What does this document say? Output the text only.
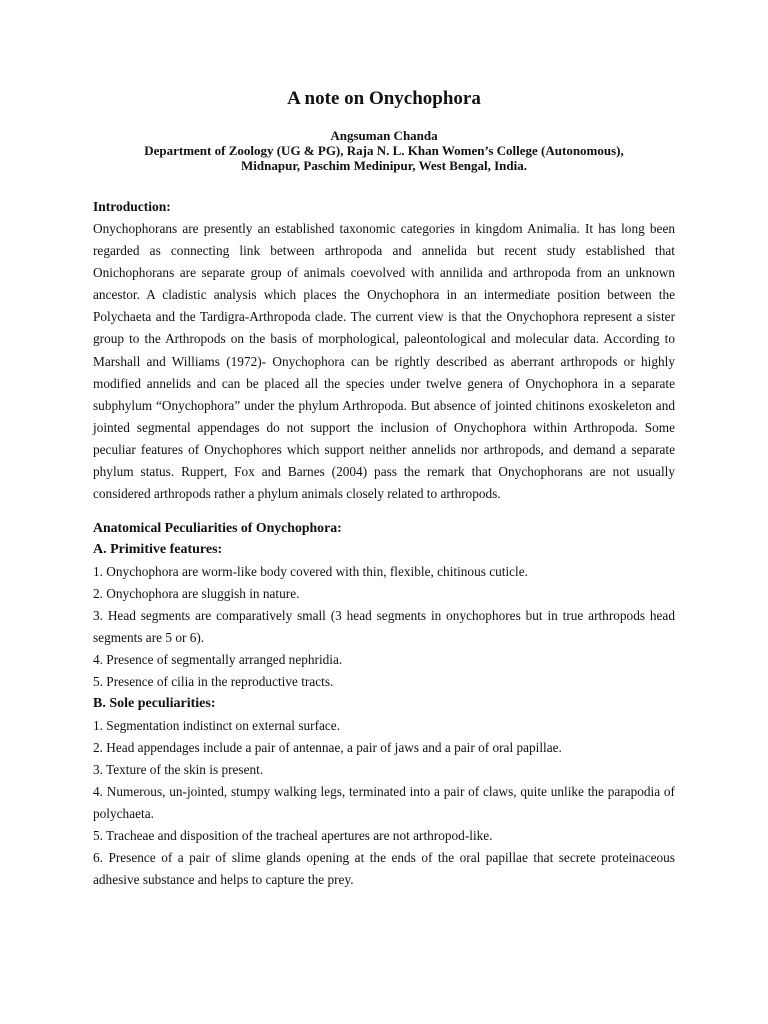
A note on Onychophora
Angsuman Chanda
Department of Zoology (UG & PG), Raja N. L. Khan Women’s College (Autonomous),
Midnapur, Paschim Medinipur, West Bengal, India.

Introduction:

Onychophorans are presently an established taxonomic categories in kingdom Animalia. It has long been regarded as connecting link between arthropoda and annelida but recent study established that Onichophorans are separate group of animals coevolved with annilida and arthropoda from an unknown ancestor. A cladistic analysis which places the Onychophora in an intermediate position between the Polychaeta and the Tardigra-Arthropoda clade. The current view is that the Onychophora represent a sister group to the Arthropods on the basis of morphological, paleontological and molecular data. According to Marshall and Williams (1972)- Onychophora can be rightly described as aberrant arthropods or highly modified annelids and can be placed all the species under twelve genera of Onychophora in a separate subphylum “Onychophora” under the phylum Arthropoda. But absence of jointed chitinons exoskeleton and jointed segmental appendages do not support the inclusion of Onychophora within Arthropoda. Some peculiar features of Onychophores which support neither annelids nor arthropods, and demand a separate phylum status. Ruppert, Fox and Barnes (2004) pass the remark that Onychophorans are not usually considered arthropods rather a phylum animals closely related to arthropods.

Anatomical Peculiarities of Onychophora:

A. Primitive features:

1. Onychophora are worm-like body covered with thin, flexible, chitinous cuticle.
2. Onychophora are sluggish in nature.
3. Head segments are comparatively small (3 head segments in onychophores but in true arthropods head segments are 5 or 6).
4. Presence of segmentally arranged nephridia.
5. Presence of cilia in the reproductive tracts.

B. Sole peculiarities:

1. Segmentation indistinct on external surface.
2. Head appendages include a pair of antennae, a pair of jaws and a pair of oral papillae.
3. Texture of the skin is present.
4. Numerous, un-jointed, stumpy walking legs, terminated into a pair of claws, quite unlike the parapodia of polychaeta.
5. Tracheae and disposition of the tracheal apertures are not arthropod-like.
6. Presence of a pair of slime glands opening at the ends of the oral papillae that secrete proteinaceous adhesive substance and helps to capture the prey.
